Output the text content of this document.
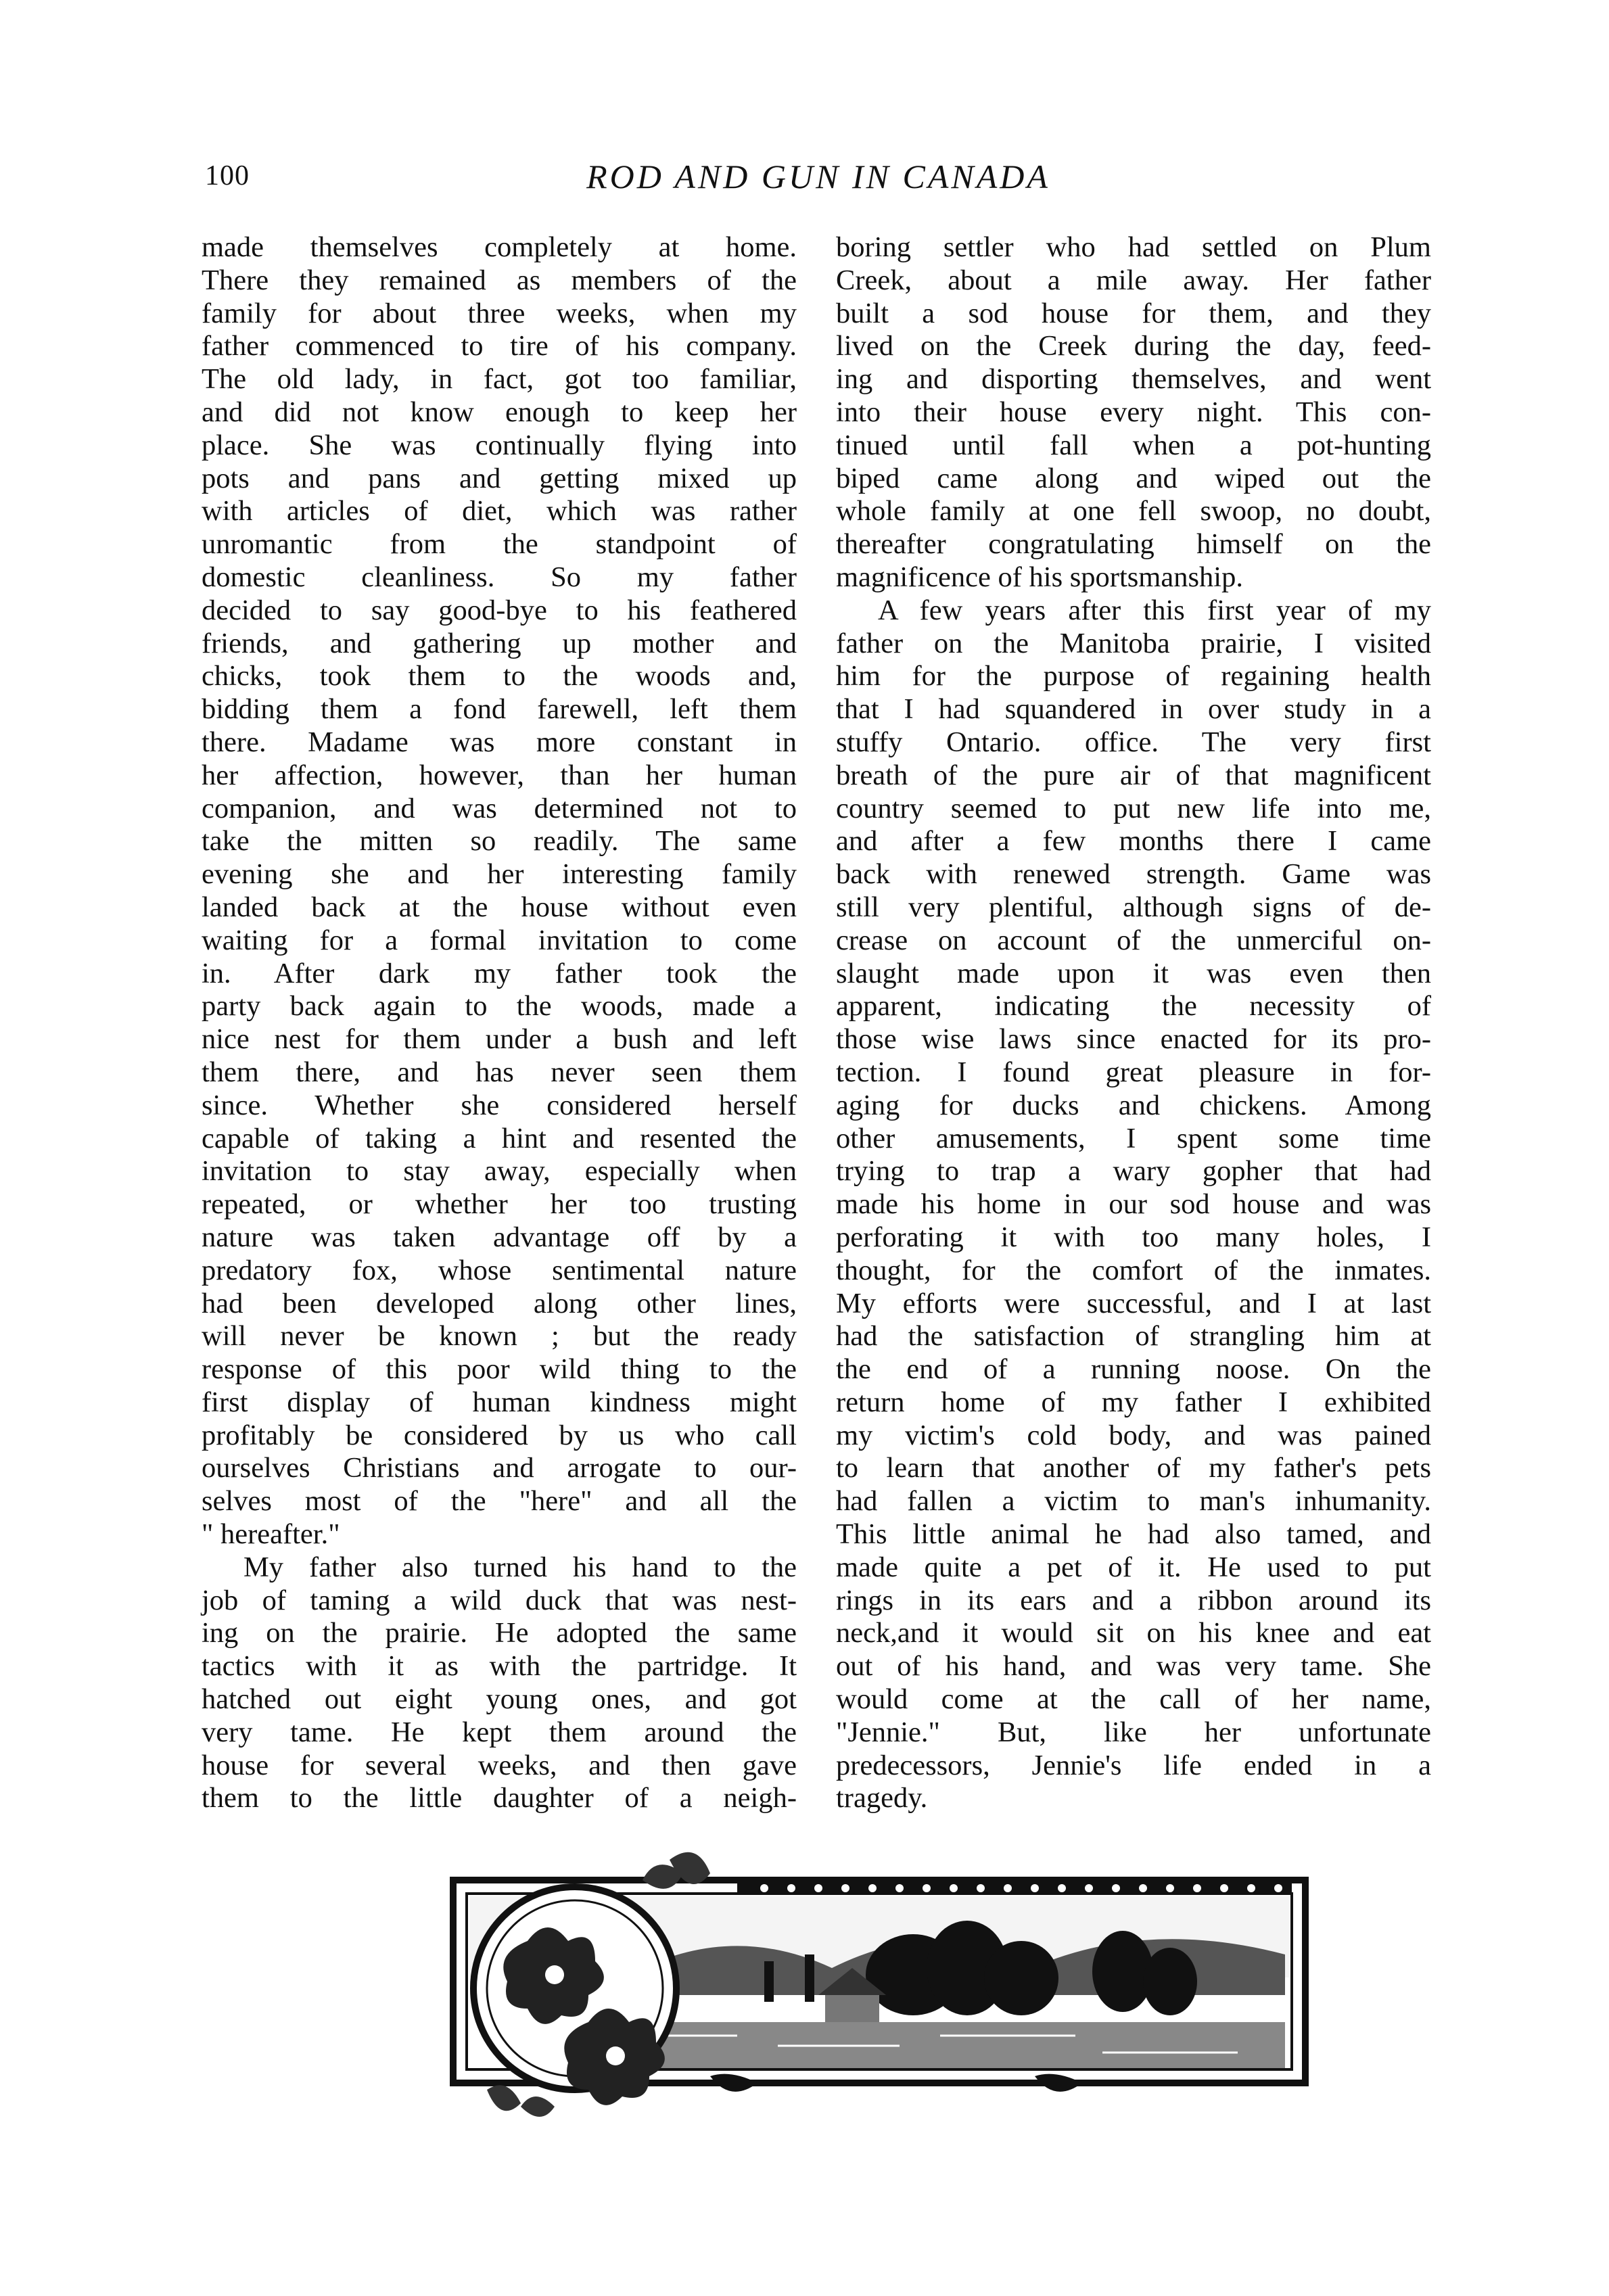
100	ROD AND GUN IN CANADA
made themselves completely at home.
There they remained as members of the
family for about three weeks, when my
father commenced to tire of his company.
The old lady, in fact, got too familiar,
and did not know enough to keep her
place. She was continually flying into
pots and pans and getting mixed up
with articles of diet, which was rather
unromantic from the standpoint of
domestic cleanliness. So my father
decided to say good-bye to his feathered
friends, and gathering up mother and
chicks, took them to the woods and,
bidding them a fond farewell, left them
there. Madame was more constant in
her affection, however, than her human
companion, and was determined not to
take the mitten so readily. The same
evening she and her interesting family
landed back at the house without even
waiting for a formal invitation to come
in. After dark my father took the
party back again to the woods, made a
nice nest for them under a bush and left
them there, and has never seen them
since. Whether she considered herself
capable of taking a hint and resented the
invitation to stay away, especially when
repeated, or whether her too trusting
nature was taken advantage off by a
predatory fox, whose sentimental nature
had been developed along other lines,
will never be known ; but the ready
response of this poor wild thing to the
first display of human kindness might
profitably be considered by us who call
ourselves Christians and arrogate to our-
selves most of the "here" and all the
" hereafter."
My father also turned his hand to the
job of taming a wild duck that was nest-
ing on the prairie. He adopted the same
tactics with it as with the partridge. It
hatched out eight young ones, and got
very tame. He kept them around the
house for several weeks, and then gave
them to the little daughter of a neigh-
boring settler who had settled on Plum
Creek, about a mile away. Her father
built a sod house for them, and they
lived on the Creek during the day, feed-
ing and disporting themselves, and went
into their house every night. This con-
tinued until fall when a pot-hunting
biped came along and wiped out the
whole family at one fell swoop, no doubt,
thereafter congratulating himself on the
magnificence of his sportsmanship.
A few years after this first year of my
father on the Manitoba prairie, I visited
him for the purpose of regaining health
that I had squandered in over study in a
stuffy Ontario. office. The very first
breath of the pure air of that magnificent
country seemed to put new life into me,
and after a few months there I came
back with renewed strength. Game was
still very plentiful, although signs of de-
crease on account of the unmerciful on-
slaught made upon it was even then
apparent, indicating the necessity of
those wise laws since enacted for its pro-
tection. I found great pleasure in for-
aging for ducks and chickens. Among
other amusements, I spent some time
trying to trap a wary gopher that had
made his home in our sod house and was
perforating it with too many holes, I
thought, for the comfort of the inmates.
My efforts were successful, and I at last
had the satisfaction of strangling him at
the end of a running noose. On the
return home of my father I exhibited
my victim's cold body, and was pained
to learn that another of my father's pets
had fallen a victim to man's inhumanity.
This little animal he had also tamed, and
made quite a pet of it. He used to put
rings in its ears and a ribbon around its
neck,and it would sit on his knee and eat
out of his hand, and was very tame. She
would come at the call of her name,
"Jennie." But, like her unfortunate
predecessors, Jennie's life ended in a
tragedy.
